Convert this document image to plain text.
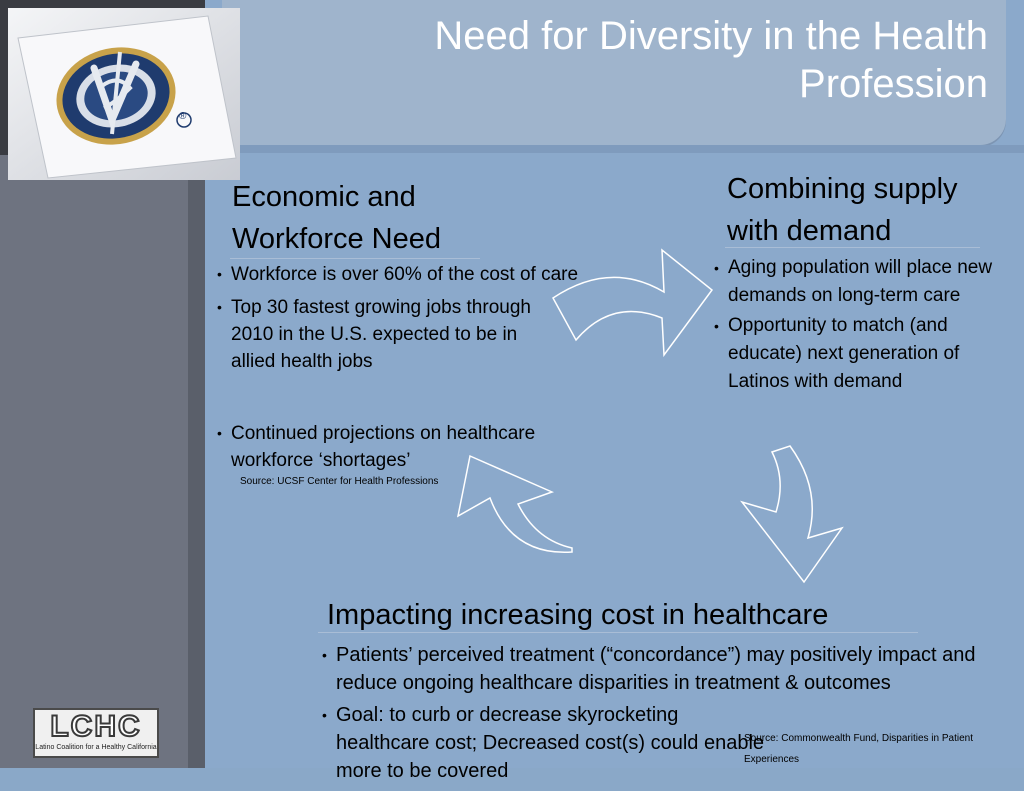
Need for Diversity in the Health Profession
®
Economic and Workforce Need
• Workforce is over 60% of the cost of care
• Top 30 fastest growing jobs through 2010 in the U.S. expected to be in allied health jobs
• Continued projections on healthcare workforce ‘shortages’
Source: UCSF Center for Health Professions
Combining supply with demand
• Aging population will place new demands on long-term care
• Opportunity to match (and educate) next generation of Latinos with demand
Impacting increasing cost in healthcare
• Patients’ perceived treatment (“concordance”) may positively impact and reduce ongoing healthcare disparities in treatment & outcomes
• Goal: to curb or decrease skyrocketing healthcare cost; Decreased cost(s) could enable more to be covered
Source: Commonwealth Fund, Disparities in Patient Experiences
LCHC
Latino Coalition for a Healthy California
